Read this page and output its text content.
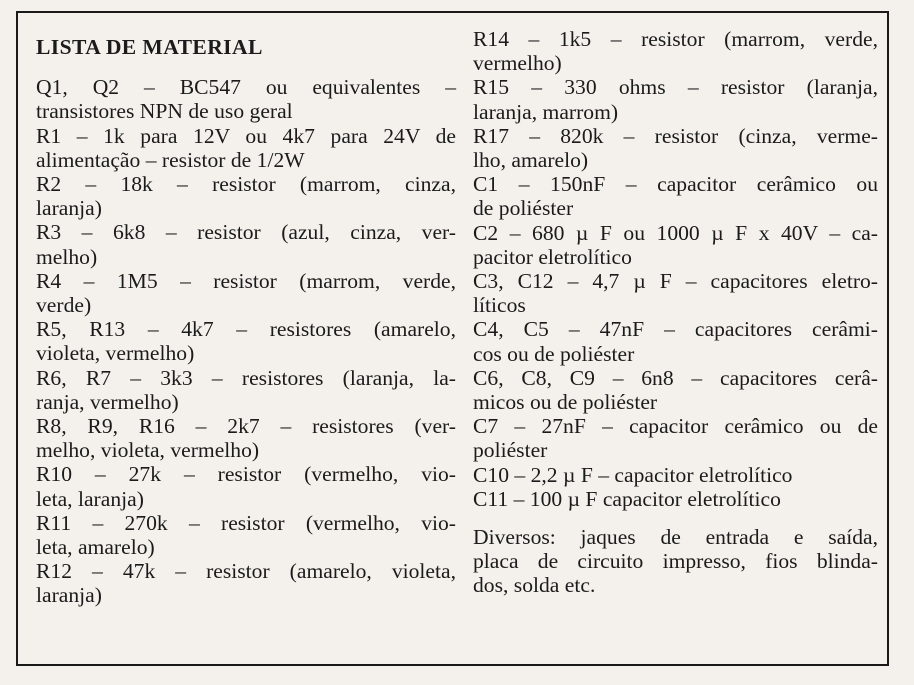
LISTA DE MATERIAL
Q1, Q2 – BC547 ou equivalentes –
transistores NPN de uso geral
R1 – 1k para 12V ou 4k7 para 24V de
alimentação – resistor de 1/2W
R2 – 18k – resistor (marrom, cinza,
laranja)
R3 – 6k8 – resistor (azul, cinza, ver-
melho)
R4 – 1M5 – resistor (marrom, verde,
verde)
R5, R13 – 4k7 – resistores (amarelo,
violeta, vermelho)
R6, R7 – 3k3 – resistores (laranja, la-
ranja, vermelho)
R8, R9, R16 – 2k7 – resistores (ver-
melho, violeta, vermelho)
R10 – 27k – resistor (vermelho, vio-
leta, laranja)
R11 – 270k – resistor (vermelho, vio-
leta, amarelo)
R12 – 47k – resistor (amarelo, violeta,
laranja)
R14 – 1k5 – resistor (marrom, verde,
vermelho)
R15 – 330 ohms – resistor (laranja,
laranja, marrom)
R17 – 820k – resistor (cinza, verme-
lho, amarelo)
C1 – 150nF – capacitor cerâmico ou
de poliéster
C2 – 680 µ F ou 1000 µ F x 40V – ca-
pacitor eletrolítico
C3, C12 – 4,7 µ F – capacitores eletro-
líticos
C4, C5 – 47nF – capacitores cerâmi-
cos ou de poliéster
C6, C8, C9 – 6n8 – capacitores cerâ-
micos ou de poliéster
C7 – 27nF – capacitor cerâmico ou de
poliéster
C10 – 2,2 µ F – capacitor eletrolítico
C11 – 100 µ F capacitor eletrolítico
Diversos: jaques de entrada e saída,
placa de circuito impresso, fios blinda-
dos, solda etc.
